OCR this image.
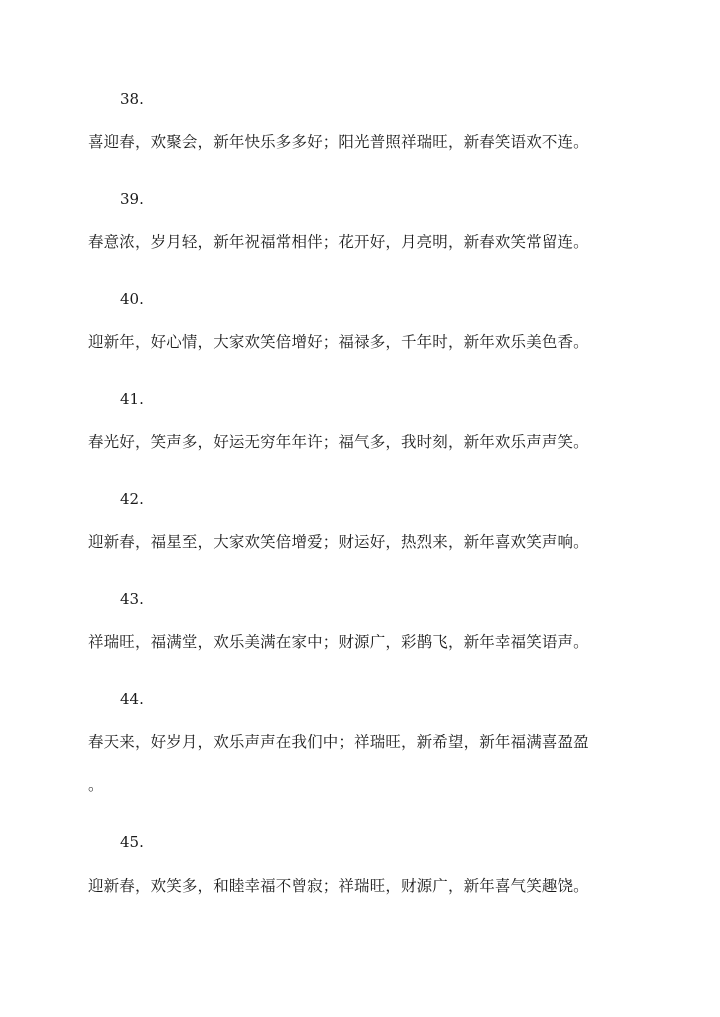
38.
喜迎春，欢聚会，新年快乐多多好；阳光普照祥瑞旺，新春笑语欢不连。
39.
春意浓，岁月轻，新年祝福常相伴；花开好，月亮明，新春欢笑常留连。
40.
迎新年，好心情，大家欢笑倍增好；福禄多，千年时，新年欢乐美色香。
41.
春光好，笑声多，好运无穷年年许；福气多，我时刻，新年欢乐声声笑。
42.
迎新春，福星至，大家欢笑倍增爱；财运好，热烈来，新年喜欢笑声响。
43.
祥瑞旺，福满堂，欢乐美满在家中；财源广，彩鹊飞，新年幸福笑语声。
44.
春天来，好岁月，欢乐声声在我们中；祥瑞旺，新希望，新年福满喜盈盈
。
45.
迎新春，欢笑多，和睦幸福不曾寂；祥瑞旺，财源广，新年喜气笑趣饶。
